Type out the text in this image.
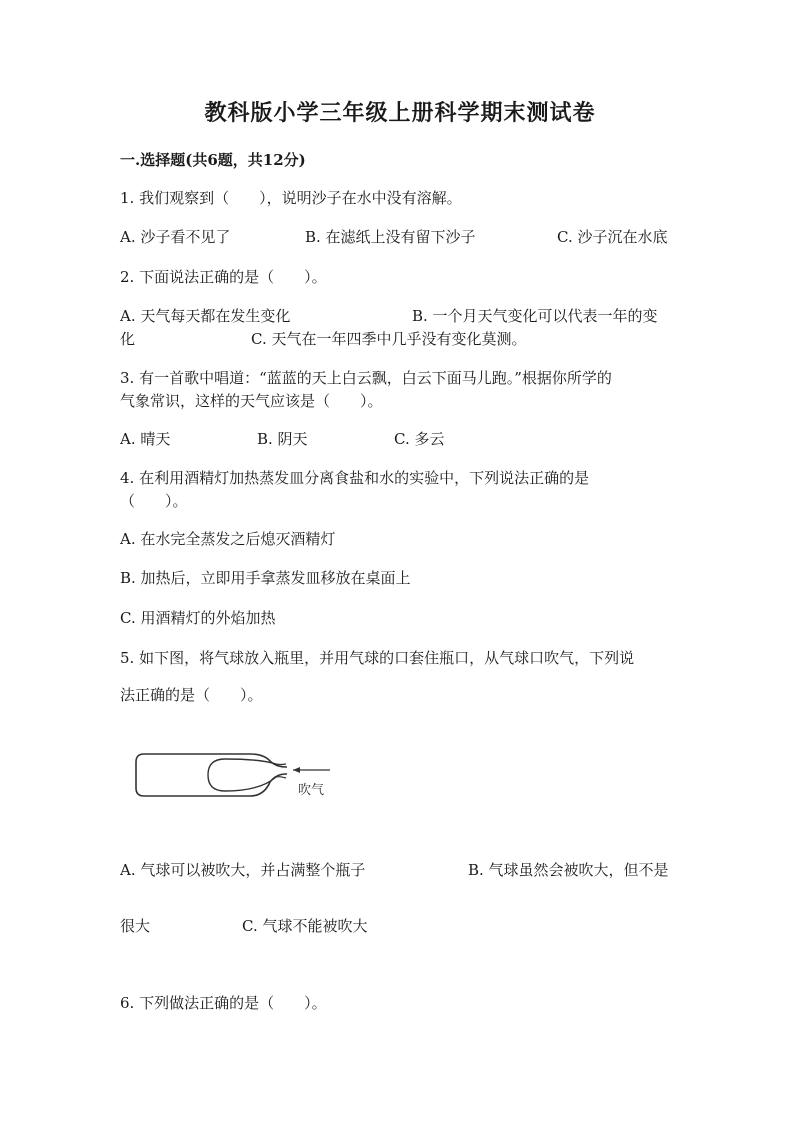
教科版小学三年级上册科学期末测试卷
一.选择题(共6题，共12分)
1. 我们观察到（　　），说明沙子在水中没有溶解。
A. 沙子看不见了	B. 在滤纸上没有留下沙子	C. 沙子沉在水底
2. 下面说法正确的是（　　）。
A. 天气每天都在发生变化	B. 一个月天气变化可以代表一年的变
化	C. 天气在一年四季中几乎没有变化莫测。
3. 有一首歌中唱道：“蓝蓝的天上白云飘，白云下面马儿跑。”根据你所学的
气象常识，这样的天气应该是（　　）。
A. 晴天	B. 阴天	C. 多云
4. 在利用酒精灯加热蒸发皿分离食盐和水的实验中，下列说法正确的是
（　　）。
A. 在水完全蒸发之后熄灭酒精灯
B. 加热后，立即用手拿蒸发皿移放在桌面上
C. 用酒精灯的外焰加热
5. 如下图，将气球放入瓶里，并用气球的口套住瓶口，从气球口吹气，下列说
法正确的是（　　）。
吹气
A. 气球可以被吹大，并占满整个瓶子	B. 气球虽然会被吹大，但不是
很大	C. 气球不能被吹大
6. 下列做法正确的是（　　）。
